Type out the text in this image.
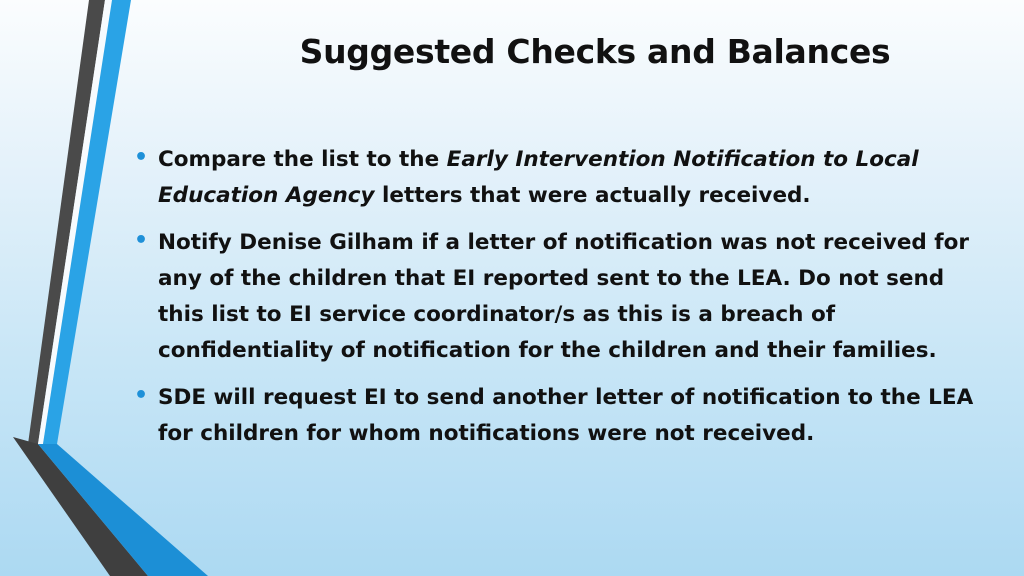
Suggested Checks and Balances
• Compare the list to the Early Intervention Notification to Local Education Agency letters that were actually received.
• Notify Denise Gilham if a letter of notification was not received for any of the children that EI reported sent to the LEA. Do not send this list to EI service coordinator/s as this is a breach of confidentiality of notification for the children and their families.
• SDE will request EI to send another letter of notification to the LEA for children for whom notifications were not received.
